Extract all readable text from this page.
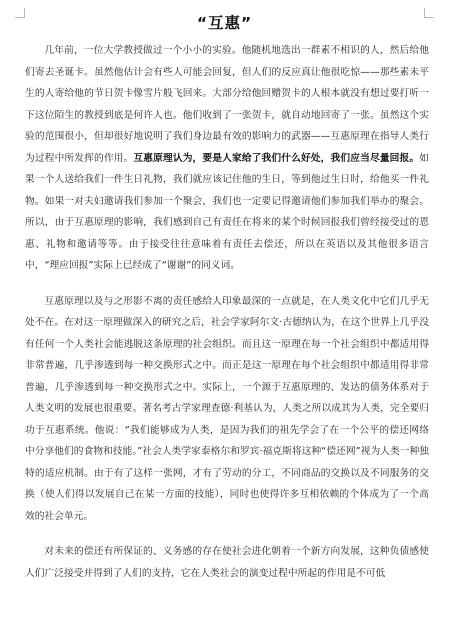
“互惠”

几年前，一位大学教授做过一个小小的实验。他随机地选出一群素不相识的人，然后给他们寄去圣诞卡。虽然他估计会有些人可能会回复，但人们的反应真让他很吃惊——那些素未平生的人寄给他的节日贺卡像雪片般飞回来。大部分给他回赠贺卡的人根本就没有想过要打听一下这位陌生的教授到底是何许人也。他们收到了一张贺卡，就自动地回寄了一张。虽然这个实验的范围很小，但却很好地说明了我们身边最有效的影响力的武器——互惠原理在指导人类行为过程中所发挥的作用。互惠原理认为，要是人家给了我们什么好处，我们应当尽量回报。如果一个人送给我们一件生日礼物，我们就应该记住他的生日，等到他过生日时，给他买一件礼物。如果一对夫妇邀请我们参加一个聚会，我们也一定要记得邀请他们参加我们举办的聚会。所以，由于互惠原理的影响，我们感到自己有责任在将来的某个时候回报我们曾经接受过的恩惠、礼物和邀请等等。由于接受往往意味着有责任去偿还，所以在英语以及其他很多语言中，“理应回报”实际上已经成了“谢谢”的同义词。

互惠原理以及与之形影不离的责任感给人印象最深的一点就是，在人类文化中它们几乎无处不在。在对这一原理做深入的研究之后，社会学家阿尔文·古德纳认为，在这个世界上几乎没有任何一个人类社会能逃脱这条原理的社会组织。而且这一原理在每一个社会组织中都适用得非常普遍，几乎渗透到每一种交换形式之中。而正是这一原理在每个社会组织中都适用得非常普遍，几乎渗透到每一种交换形式之中。实际上，一个源于互惠原理的、发达的债务体系对于人类文明的发展也很重要。著名考古学家理查德·利基认为，人类之所以成其为人类，完全要归功于互惠系统。他说：“我们能够成为人类，是因为我们的祖先学会了在一个公平的偿还网络中分享他们的食物和技能。”社会人类学家泰格尔和罗宾·福克斯将这种“偿还网”视为人类一种独特的适应机制。由于有了这样一张网，才有了劳动的分工，不同商品的交换以及不同服务的交换（使人们得以发展自己在某一方面的技能），同时也使得许多互相依赖的个体成为了一个高效的社会单元。

对未来的偿还有所保证的、义务感的存在使社会进化朝着一个新方向发展，这种负债感使人们广泛接受并得到了人们的支持，它在人类社会的演变过程中所起的作用是不可低
